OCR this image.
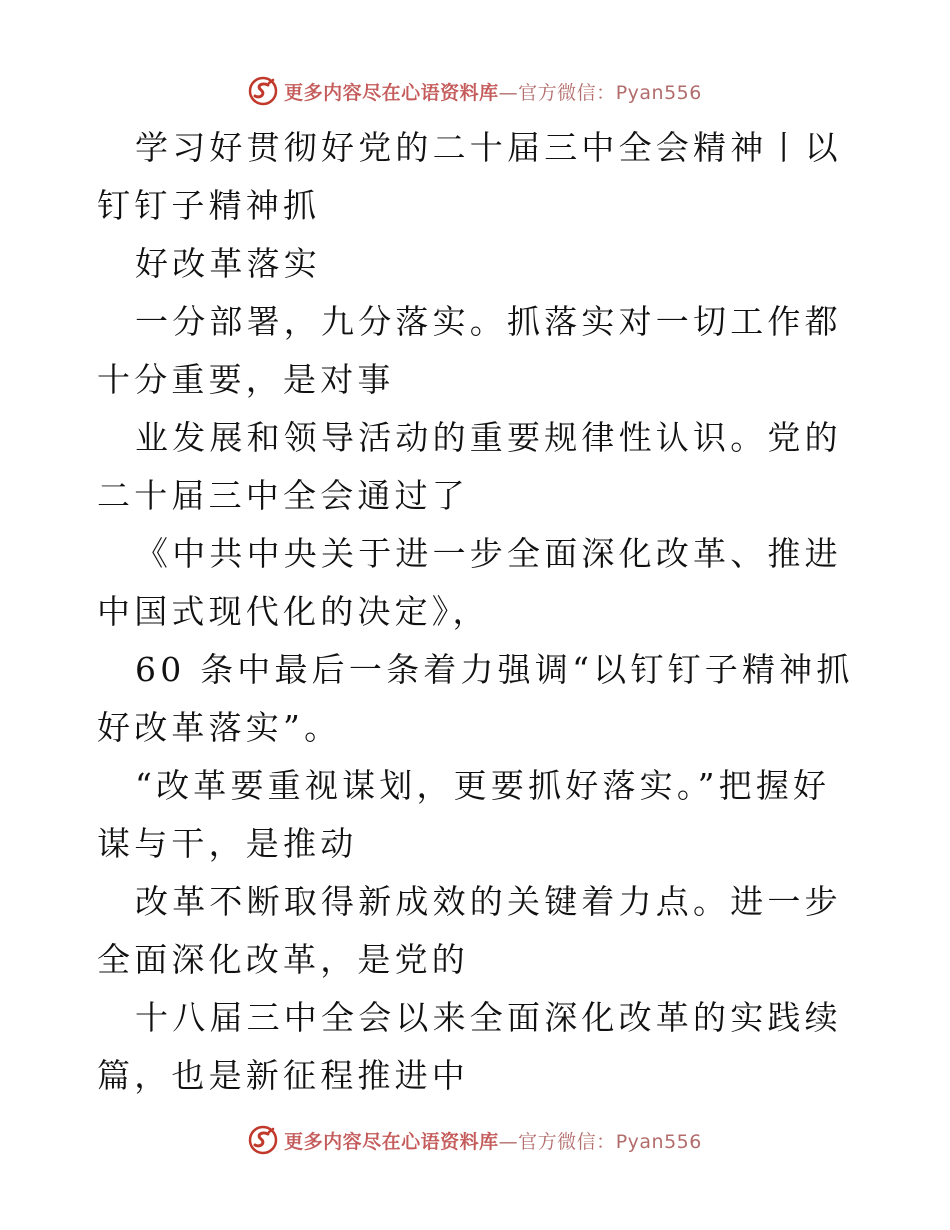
更多内容尽在心语资料库—官方微信：Pyan556

学习好贯彻好党的二十届三中全会精神丨以钉钉子精神抓

好改革落实

一分部署，九分落实。抓落实对一切工作都十分重要，是对事

业发展和领导活动的重要规律性认识。党的二十届三中全会通过了

《中共中央关于进一步全面深化改革、推进中国式现代化的决定》，

60 条中最后一条着力强调“以钉钉子精神抓好改革落实”。

“改革要重视谋划，更要抓好落实。”把握好谋与干，是推动

改革不断取得新成效的关键着力点。进一步全面深化改革，是党的

十八届三中全会以来全面深化改革的实践续篇，也是新征程推进中

更多内容尽在心语资料库—官方微信：Pyan556
